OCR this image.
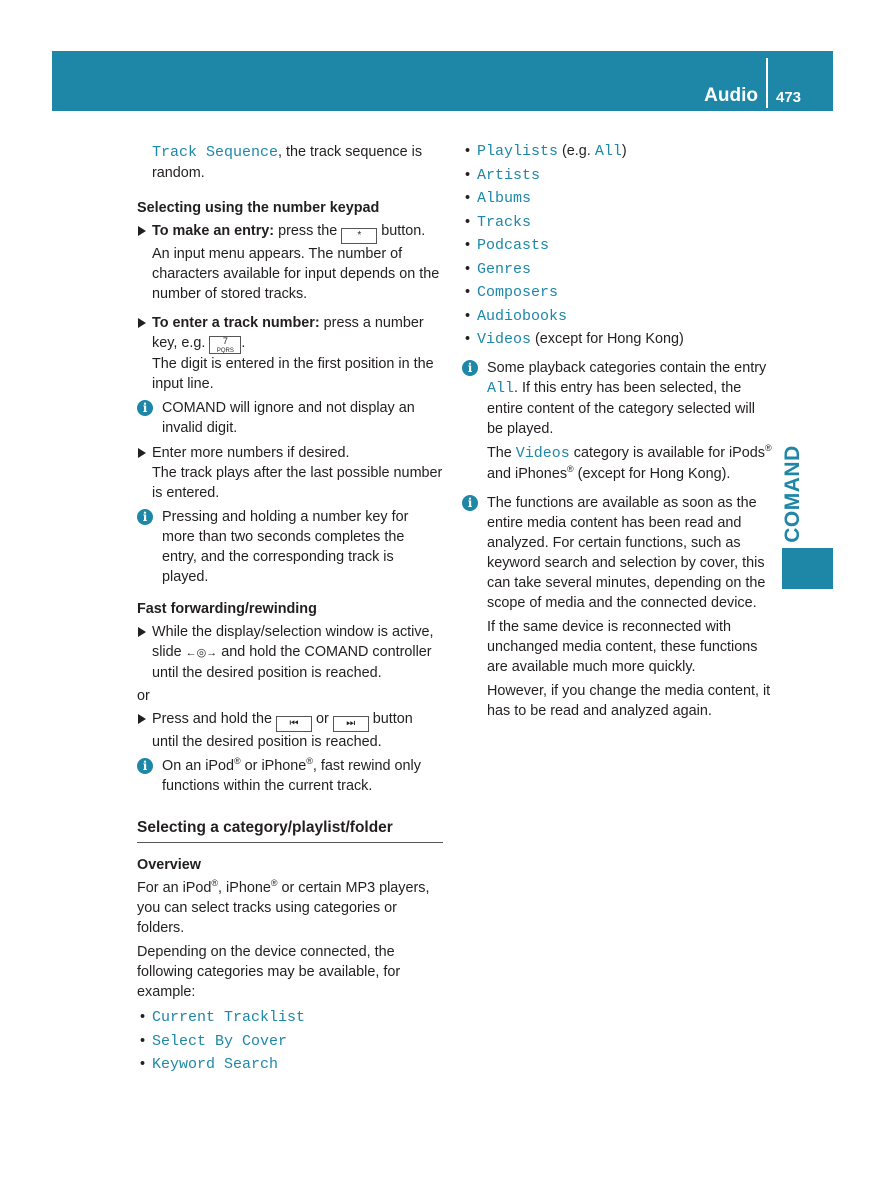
Audio 473
COMAND

Track Sequence, the track sequence is random.

Selecting using the number keypad

To make an entry: press the * button. An input menu appears. The number of characters available for input depends on the number of stored tracks.
To enter a track number: press a number key, e.g. 7
PQRS .
The digit is entered in the first position in the input line.
i	COMAND will ignore and not display an invalid digit.
Enter more numbers if desired.
The track plays after the last possible number is entered.
i	Pressing and holding a number key for more than two seconds completes the entry, and the corresponding track is played.

Fast forwarding/rewinding

While the display/selection window is active, slide ←◎→ and hold the COMAND controller until the desired position is reached.

or

Press and hold the ⏮ or ⏭ button until the desired position is reached.
i	On an iPod® or iPhone®, fast rewind only functions within the current track.

Selecting a category/playlist/folder

Overview

For an iPod®, iPhone® or certain MP3 players, you can select tracks using categories or folders.

Depending on the device connected, the following categories may be available, for example:

• Current Tracklist
• Select By Cover
• Keyword Search
• Playlists (e.g. All)
• Artists
• Albums
• Tracks
• Podcasts
• Genres
• Composers
• Audiobooks
• Videos (except for Hong Kong)
i	Some playback categories contain the entry All. If this entry has been selected, the entire content of the category selected will be played.
The Videos category is available for iPods® and iPhones® (except for Hong Kong).
i	The functions are available as soon as the entire media content has been read and analyzed. For certain functions, such as keyword search and selection by cover, this can take several minutes, depending on the scope of media and the connected device.
If the same device is reconnected with unchanged media content, these functions are available much more quickly.
However, if you change the media content, it has to be read and analyzed again.
